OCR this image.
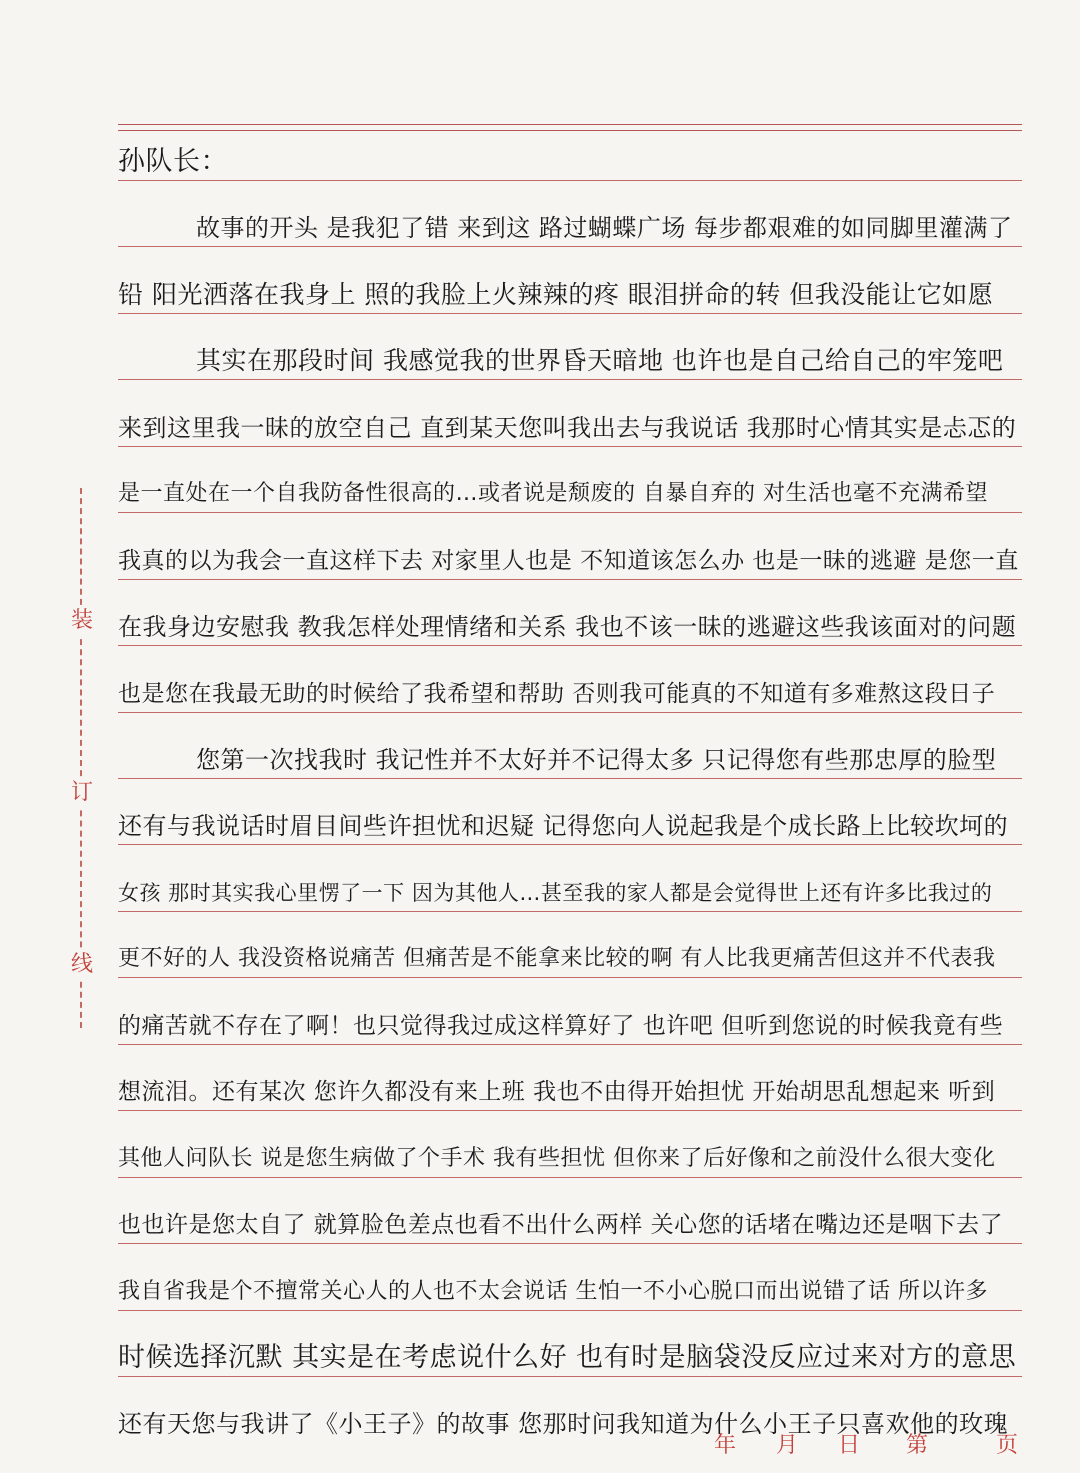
装
订
线
孙队长：
故事的开头 是我犯了错 来到这 路过蝴蝶广场 每步都艰难的如同脚里灌满了
铅 阳光洒落在我身上 照的我脸上火辣辣的疼 眼泪拼命的转 但我没能让它如愿
其实在那段时间 我感觉我的世界昏天暗地 也许也是自己给自己的牢笼吧
来到这里我一昧的放空自己 直到某天您叫我出去与我说话 我那时心情其实是忐忑的
是一直处在一个自我防备性很高的…或者说是颓废的 自暴自弃的 对生活也毫不充满希望
我真的以为我会一直这样下去 对家里人也是 不知道该怎么办 也是一昧的逃避 是您一直
在我身边安慰我 教我怎样处理情绪和关系 我也不该一昧的逃避这些我该面对的问题
也是您在我最无助的时候给了我希望和帮助 否则我可能真的不知道有多难熬这段日子
您第一次找我时 我记性并不太好并不记得太多 只记得您有些那忠厚的脸型
还有与我说话时眉目间些许担忧和迟疑 记得您向人说起我是个成长路上比较坎坷的
女孩 那时其实我心里愣了一下 因为其他人…甚至我的家人都是会觉得世上还有许多比我过的
更不好的人 我没资格说痛苦 但痛苦是不能拿来比较的啊 有人比我更痛苦但这并不代表我
的痛苦就不存在了啊！也只觉得我过成这样算好了 也许吧 但听到您说的时候我竟有些
想流泪。还有某次 您许久都没有来上班 我也不由得开始担忧 开始胡思乱想起来 听到
其他人问队长 说是您生病做了个手术 我有些担忧 但你来了后好像和之前没什么很大变化
也也许是您太自了 就算脸色差点也看不出什么两样 关心您的话堵在嘴边还是咽下去了
我自省我是个不擅常关心人的人也不太会说话 生怕一不小心脱口而出说错了话 所以许多
时候选择沉默 其实是在考虑说什么好 也有时是脑袋没反应过来对方的意思
还有天您与我讲了《小王子》的故事 您那时问我知道为什么小王子只喜欢他的玫瑰
年 月 日 第	页
